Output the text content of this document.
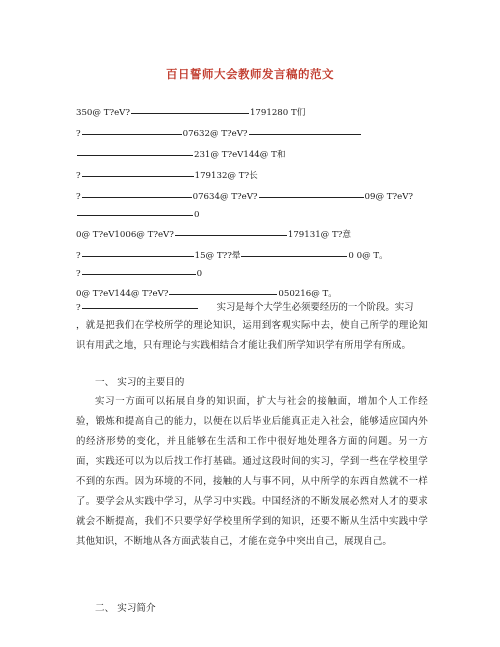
百日誓师大会教师发言稿的范文
350@ T?eV?	1791280 T们
?	07632@ T?eV?
231@ T?eV144@ T和
?	179132@ T?长
?	07634@ T?eV?	09@ T?eV?
0
0@ T?eV1006@ T?eV?	179131@ T?意
?	15@ T??晕	0 0@ T。
?	0
0@ T?eV144@ T?eV?	050216@ T。
?	实习是每个大学生必须要经历的一个阶段。实习
，就是把我们在学校所学的理论知识，运用到客观实际中去，使自己所学的理论知识有用武之地，只有理论与实践相结合才能让我们所学知识学有所用学有所成。
一、 实习的主要目的
实习一方面可以拓展自身的知识面，扩大与社会的接触面，增加个人工作经验，锻炼和提高自己的能力，以便在以后毕业后能真正走入社会，能够适应国内外的经济形势的变化，并且能够在生活和工作中很好地处理各方面的问题。另一方面，实践还可以为以后找工作打基础。通过这段时间的实习，学到一些在学校里学不到的东西。因为环境的不同，接触的人与事不同，从中所学的东西自然就不一样了。要学会从实践中学习，从学习中实践。中国经济的不断发展必然对人才的要求就会不断提高，我们不只要学好学校里所学到的知识，还要不断从生活中实践中学其他知识，不断地从各方面武装自己，才能在竞争中突出自己，展现自己。
二、 实习简介
